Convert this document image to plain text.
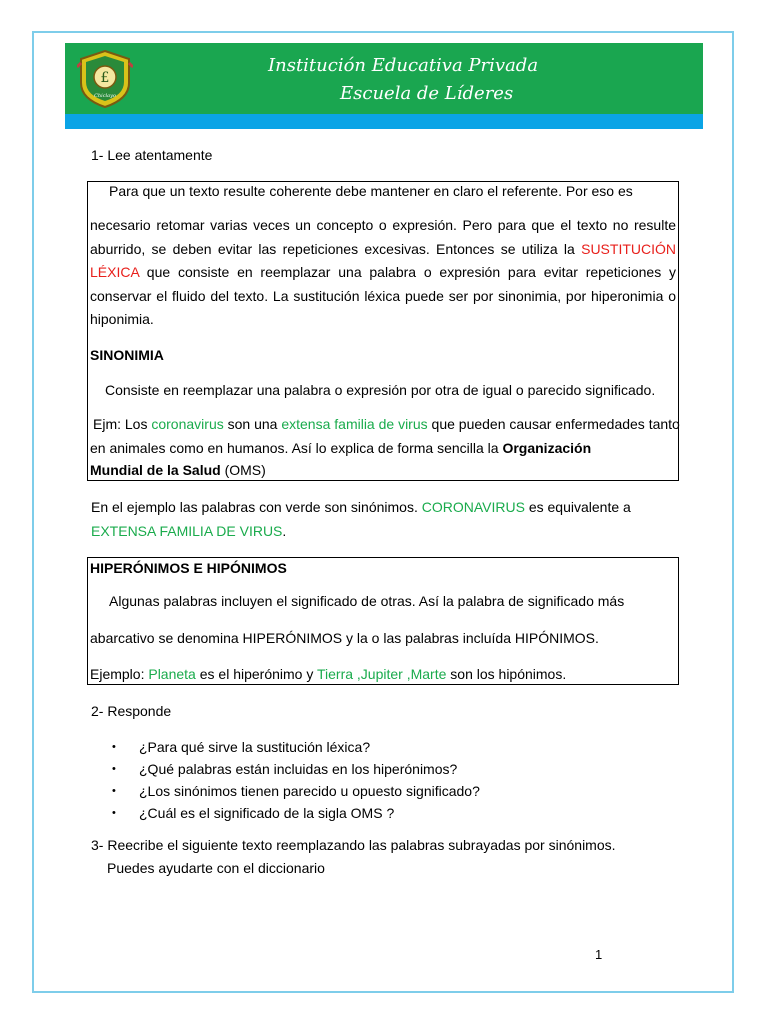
£
Chiclayo
Institución Educativa Privada
Escuela de Líderes
1- Lee atentamente
Para que un texto resulte coherente debe mantener en claro el referente. Por eso es
necesario retomar varias veces un concepto o expresión. Pero para que el texto no resulte aburrido, se deben evitar las repeticiones excesivas. Entonces se utiliza la SUSTITUCIÓN LÉXICA que consiste en reemplazar una palabra o expresión para evitar repeticiones y conservar el fluido del texto. La sustitución léxica puede ser por sinonimia, por hiperonimia o hiponimia.
SINONIMIA
Consiste en reemplazar una palabra o expresión por otra de igual o parecido significado.
Ejm: Los coronavirus son una extensa familia de virus que pueden causar enfermedades tanto
en animales como en humanos. Así lo explica de forma sencilla la Organización
Mundial de la Salud (OMS)
En el ejemplo las palabras con verde son sinónimos. CORONAVIRUS es equivalente a
EXTENSA FAMILIA DE VIRUS.
HIPERÓNIMOS E HIPÓNIMOS
Algunas palabras incluyen el significado de otras. Así la palabra de significado más
abarcativo se denomina HIPERÓNIMOS y la o las palabras incluída HIPÓNIMOS.
Ejemplo: Planeta es el hiperónimo y Tierra ,Jupiter ,Marte son los hipónimos.
2- Responde
• ¿Para qué sirve la sustitución léxica?
• ¿Qué palabras están incluidas en los hiperónimos?
• ¿Los sinónimos tienen parecido u opuesto significado?
• ¿Cuál es el significado de la sigla OMS ?
3- Reecribe el siguiente texto reemplazando las palabras subrayadas por sinónimos.
Puedes ayudarte con el diccionario
1
